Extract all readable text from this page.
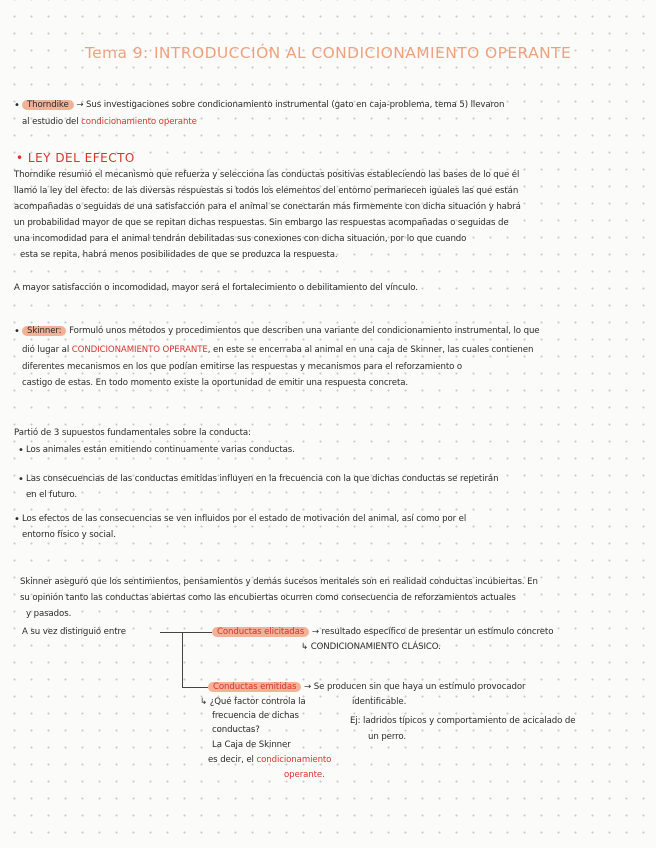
Tema 9: INTRODUCCIÓN AL CONDICIONAMIENTO OPERANTE
• Thorndike → Sus investigaciones sobre condicionamiento instrumental (gato en caja-problema, tema 5) llevaron
al estudio del condicionamiento operante
• LEY DEL EFECTO
Thorndike resumió el mecanismo que refuerza y selecciona las conductas positivas estableciendo las bases de lo que él
llamó la ley del efecto: de las diversas respuestas si todos los elementos del entorno permanecen iguales las que están
acompañadas o seguidas de una satisfacción para el animal se conectarán más firmemente con dicha situación y habrá
un probabilidad mayor de que se repitan dichas respuestas. Sin embargo las respuestas acompañadas o seguidas de
una incomodidad para el animal tendrán debilitadas sus conexiones con dicha situación, por lo que cuando
esta se repita, habrá menos posibilidades de que se produzca la respuesta.
A mayor satisfacción o incomodidad, mayor será el fortalecimiento o debilitamiento del vínculo.
• Skinner: Formuló unos métodos y procedimientos que describen una variante del condicionamiento instrumental, lo que
dió lugar al CONDICIONAMIENTO OPERANTE, en este se encerraba al animal en una caja de Skinner, las cuales contienen
diferentes mecanismos en los que podían emitirse las respuestas y mecanismos para el reforzamiento o
castigo de estas. En todo momento existe la oportunidad de emitir una respuesta concreta.
Partió de 3 supuestos fundamentales sobre la conducta:
• Los animales están emitiendo continuamente varias conductas.
• Las consecuencias de las conductas emitidas influyen en la frecuencia con la que dichas conductas se repetirán
en el futuro.
• Los efectos de las consecuencias se ven influidos por el estado de motivación del animal, así como por el
entorno físico y social.
Skinner aseguró que los sentimientos, pensamientos y demás sucesos mentales son en realidad conductas incubiertas. En
su opinión tanto las conductas abiertas como las encubiertas ocurren como consecuencia de reforzamientos actuales
y pasados.
A su vez distinguió entre	Conductas elicitadas → resultado específico de presentar un estímulo concreto
↳ CONDICIONAMIENTO CLÁSICO.
Conductas emitidas → Se producen sin que haya un estímulo provocador
identificable.
Ej: ladridos típicos y comportamiento de acicalado de
un perro.
↳ ¿Qué factor controla la
frecuencia de dichas
conductas?
La Caja de Skinner
es decir, el condicionamiento
operante.
